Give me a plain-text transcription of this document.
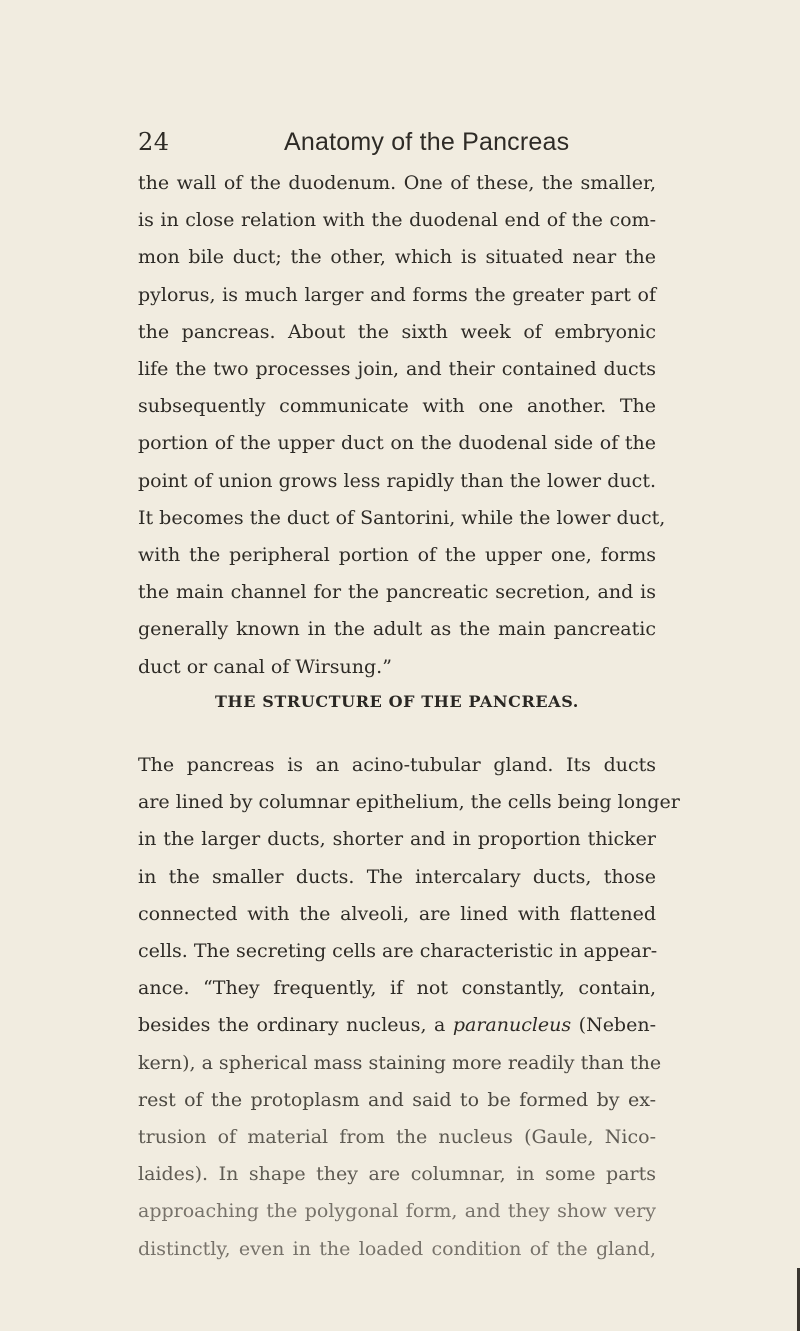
24	Anatomy of the Pancreas
the wall of the duodenum. One of these, the smaller,
is in close relation with the duodenal end of the com-
mon bile duct; the other, which is situated near the
pylorus, is much larger and forms the greater part of
the pancreas. About the sixth week of embryonic
life the two processes join, and their contained ducts
subsequently communicate with one another. The
portion of the upper duct on the duodenal side of the
point of union grows less rapidly than the lower duct.
It becomes the duct of Santorini, while the lower duct,
with the peripheral portion of the upper one, forms
the main channel for the pancreatic secretion, and is
generally known in the adult as the main pancreatic
duct or canal of Wirsung.”
THE STRUCTURE OF THE PANCREAS.
The pancreas is an acino-tubular gland. Its ducts
are lined by columnar epithelium, the cells being longer
in the larger ducts, shorter and in proportion thicker
in the smaller ducts. The intercalary ducts, those
connected with the alveoli, are lined with flattened
cells. The secreting cells are characteristic in appear-
ance. “They frequently, if not constantly, contain,
besides the ordinary nucleus, a paranucleus (Neben-
kern), a spherical mass staining more readily than the
rest of the protoplasm and said to be formed by ex-
trusion of material from the nucleus (Gaule, Nico-
laides). In shape they are columnar, in some parts
approaching the polygonal form, and they show very
distinctly, even in the loaded condition of the gland,
